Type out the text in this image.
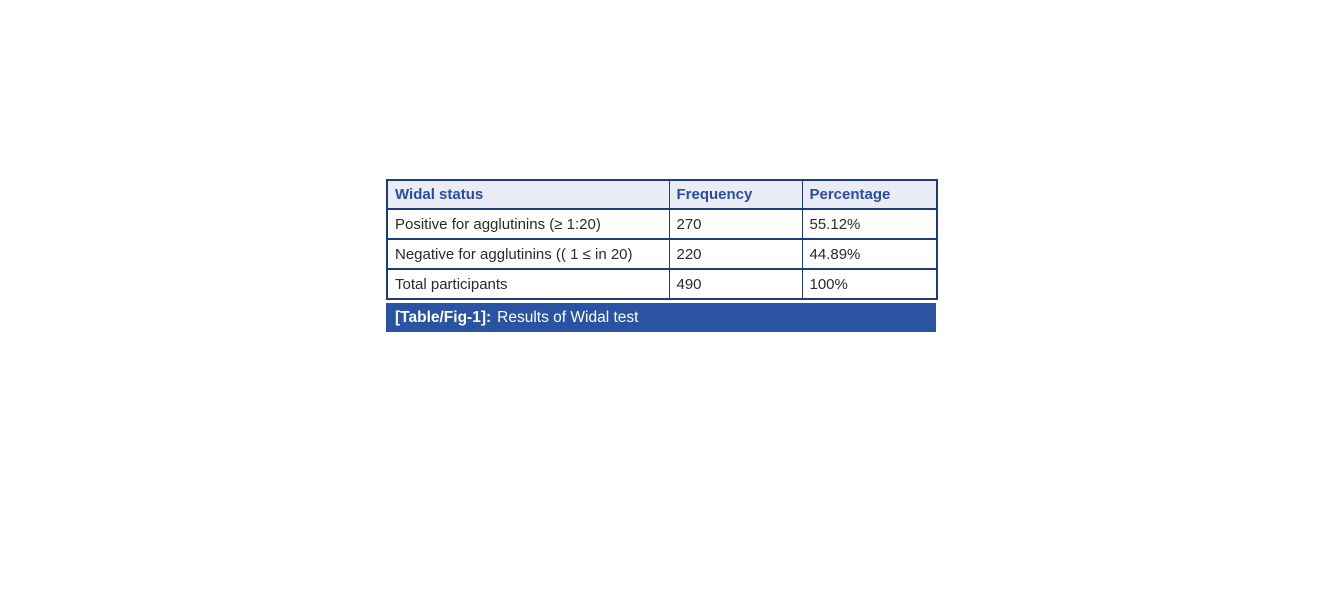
Widal status	Frequency	Percentage
Positive for agglutinins (≥ 1:20)	270	55.12%
Negative for agglutinins (( 1 ≤ in 20)	220	44.89%
Total participants	490	100%
[Table/Fig-1]: Results of Widal test
